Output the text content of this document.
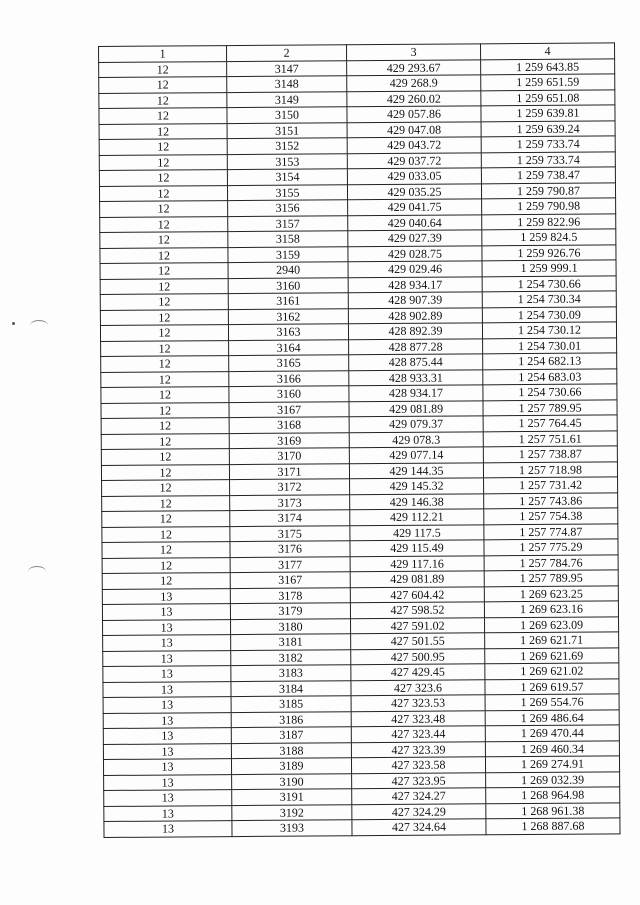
1	2	3	4
12	3147	429 293.67	1 259 643.85
12	3148	429 268.9	1 259 651.59
12	3149	429 260.02	1 259 651.08
12	3150	429 057.86	1 259 639.81
12	3151	429 047.08	1 259 639.24
12	3152	429 043.72	1 259 733.74
12	3153	429 037.72	1 259 733.74
12	3154	429 033.05	1 259 738.47
12	3155	429 035.25	1 259 790.87
12	3156	429 041.75	1 259 790.98
12	3157	429 040.64	1 259 822.96
12	3158	429 027.39	1 259 824.5
12	3159	429 028.75	1 259 926.76
12	2940	429 029.46	1 259 999.1
12	3160	428 934.17	1 254 730.66
12	3161	428 907.39	1 254 730.34
12	3162	428 902.89	1 254 730.09
12	3163	428 892.39	1 254 730.12
12	3164	428 877.28	1 254 730.01
12	3165	428 875.44	1 254 682.13
12	3166	428 933.31	1 254 683.03
12	3160	428 934.17	1 254 730.66
12	3167	429 081.89	1 257 789.95
12	3168	429 079.37	1 257 764.45
12	3169	429 078.3	1 257 751.61
12	3170	429 077.14	1 257 738.87
12	3171	429 144.35	1 257 718.98
12	3172	429 145.32	1 257 731.42
12	3173	429 146.38	1 257 743.86
12	3174	429 112.21	1 257 754.38
12	3175	429 117.5	1 257 774.87
12	3176	429 115.49	1 257 775.29
12	3177	429 117.16	1 257 784.76
12	3167	429 081.89	1 257 789.95
13	3178	427 604.42	1 269 623.25
13	3179	427 598.52	1 269 623.16
13	3180	427 591.02	1 269 623.09
13	3181	427 501.55	1 269 621.71
13	3182	427 500.95	1 269 621.69
13	3183	427 429.45	1 269 621.02
13	3184	427 323.6	1 269 619.57
13	3185	427 323.53	1 269 554.76
13	3186	427 323.48	1 269 486.64
13	3187	427 323.44	1 269 470.44
13	3188	427 323.39	1 269 460.34
13	3189	427 323.58	1 269 274.91
13	3190	427 323.95	1 269 032.39
13	3191	427 324.27	1 268 964.98
13	3192	427 324.29	1 268 961.38
13	3193	427 324.64	1 268 887.68
